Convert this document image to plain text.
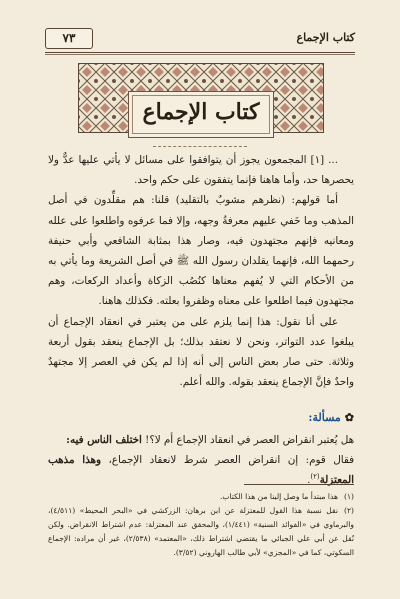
كتاب الإجماع
٧٣
كتاب الإجماع

... [١] المجمعون يجوز أن يتوافقوا على مسائل لا يأتي عليها عدٌّ ولا يحصرها حد، وأما هاهنا فإنما يتفقون على حكم واحد.

أما قولهم: (نظرهم مشوبٌ بالتقليد) قلنا: هم مقلِّدون في أصل المذهب وما خَفي عليهم معرفةُ وجهه، وإلا فما عرفوه واطلعوا على علله ومعانيه فإنهم مجتهدون فيه، وصار هذا بمثابة الشافعي وأبي حنيفة رحمهما الله، فإنهما يقلدان رسول الله ﷺ في أصل الشريعة وما يأتي به من الأحكام التي لا يُفهم معناها كنُصُب الزكاة وأعداد الركعات، وهم مجتهدون فيما اطلعوا على معناه وظفروا بعلته. فكذلك هاهنا.

على أنا نقول: هذا إنما يلزم على من يعتبر في انعقاد الإجماع أن يبلغوا عدد التواتر، ونحن لا نعتقد بذلك؛ بل الإجماع ينعقد بقول أربعة وثلاثة. حتى صار بعض الناس إلى أنه إذا لم يكن في العصر إلا مجتهدٌ واحدٌ فإنَّ الإجماع ينعقد بقوله. والله أعلم.

✿مسألة:

هل يُعتبر انقراض العصر في انعقاد الإجماع أم لا؟! اختلف الناس فيه:

فقال قوم: إن انقراض العصر شرط لانعقاد الإجماع، وهذا مذهب المعتزلة$^{(٢)}$.

(١)هذا مبتدأ ما وصل إلينا من هذا الكتاب.

(٢)نقل نسبة هذا القول للمعتزلة عن ابن برهان: الزركشي في «البحر المحيط» (٤/٥١١)، والبرماوي في «الفوائد السنية» (١/٤٤١)، والمحقق عند المعتزلة: عدم اشتراط الانقراض. ولكن نُقل عن أبي علي الجبائي ما يقتضي اشتراط ذلك، «المعتمد» (٢/٥٣٨)، غير أن مراده: الإجماع السكوتي، كما في «المجزي» لأبي طالب الهاروني (٣/٥٢).
